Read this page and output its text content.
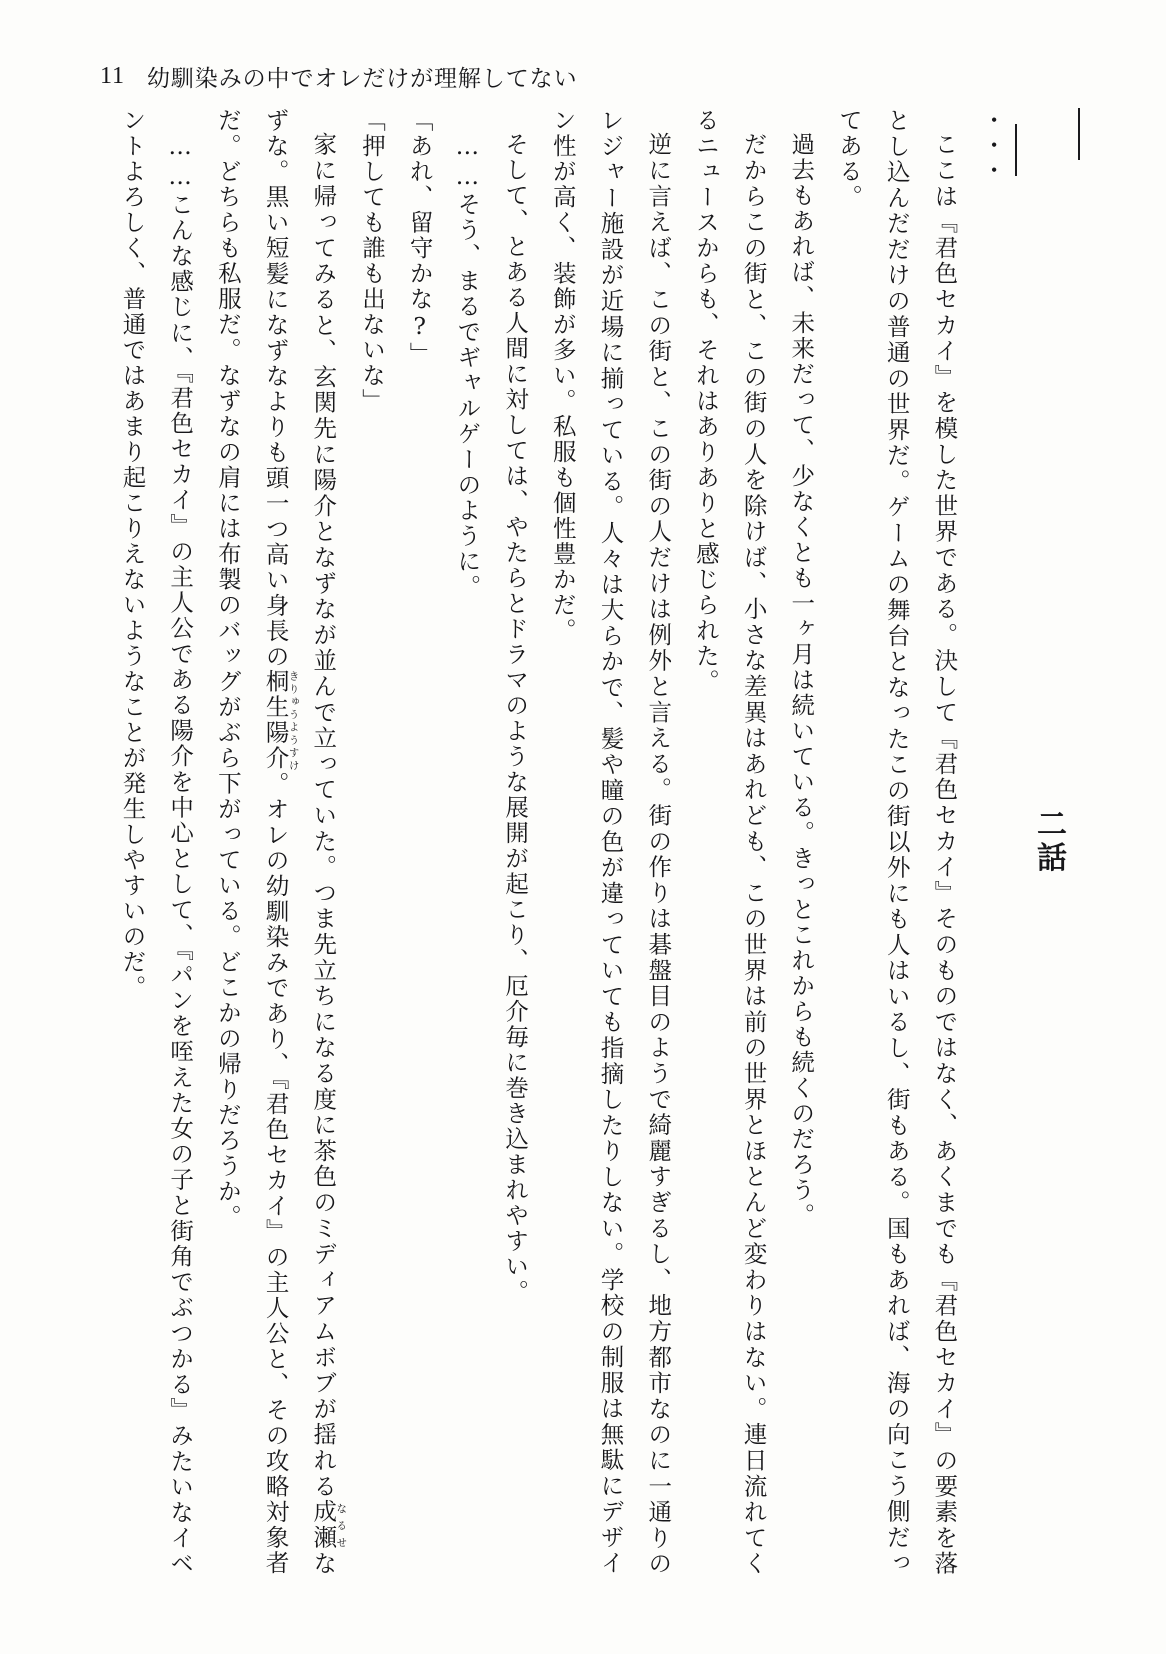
11 幼馴染みの中でオレだけが理解してない
二話

・・・

ここは『君色セカイ』を模した世界である。決して『君色セカイ』そのものではなく、あくまでも『君色セカイ』の要素を落とし込んだだけの普通の世界だ。ゲームの舞台となったこの街以外にも人はいるし、街もある。国もあれば、海の向こう側だってある。

過去もあれば、未来だって、少なくとも一ヶ月は続いている。きっとこれからも続くのだろう。

だからこの街と、この街の人を除けば、小さな差異はあれども、この世界は前の世界とほとんど変わりはない。連日流れてくるニュースからも、それはありありと感じられた。

逆に言えば、この街と、この街の人だけは例外と言える。街の作りは碁盤目のようで綺麗すぎるし、地方都市なのに一通りのレジャー施設が近場に揃っている。人々は大らかで、髪や瞳の色が違っていても指摘したりしない。学校の制服は無駄にデザイン性が高く、装飾が多い。私服も個性豊かだ。

そして、とある人間に対しては、やたらとドラマのような展開が起こり、厄介毎に巻き込まれやすい。

……そう、まるでギャルゲーのように。

「あれ、留守かな?」

「押しても誰も出ないな」

家に帰ってみると、玄関先に陽介となずなが並んで立っていた。つま先立ちになる度に茶色のミディアムボブが揺れる成瀬なるせなずな。黒い短髪になずなよりも頭一つ高い身長の桐生陽介きりゅうようすけ。オレの幼馴染みであり、『君色セカイ』の主人公と、その攻略対象者だ。どちらも私服だ。なずなの肩には布製のバッグがぶら下がっている。どこかの帰りだろうか。

……こんな感じに、『君色セカイ』の主人公である陽介を中心として、『パンを咥えた女の子と街角でぶつかる』みたいなイベントよろしく、普通ではあまり起こりえないようなことが発生しやすいのだ。
